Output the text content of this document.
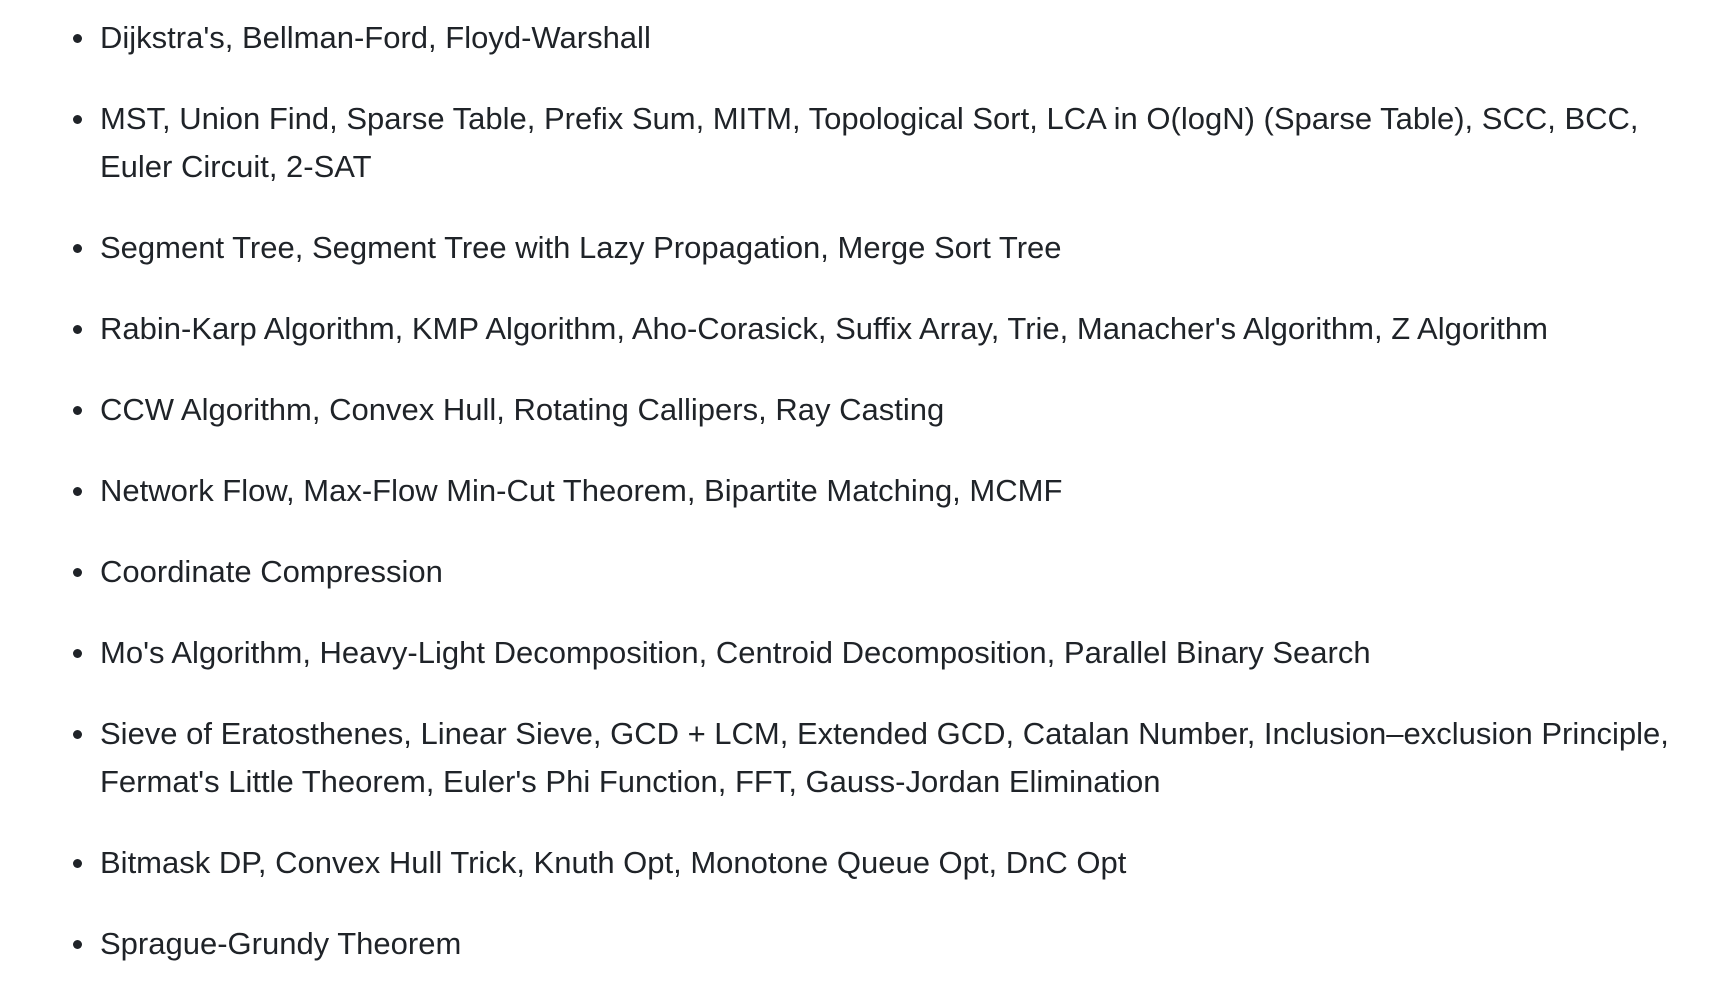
Dijkstra's, Bellman-Ford, Floyd-Warshall
MST, Union Find, Sparse Table, Prefix Sum, MITM, Topological Sort, LCA in O(logN) (Sparse Table), SCC, BCC, Euler Circuit, 2-SAT
Segment Tree, Segment Tree with Lazy Propagation, Merge Sort Tree
Rabin-Karp Algorithm, KMP Algorithm, Aho-Corasick, Suffix Array, Trie, Manacher's Algorithm, Z Algorithm
CCW Algorithm, Convex Hull, Rotating Callipers, Ray Casting
Network Flow, Max-Flow Min-Cut Theorem, Bipartite Matching, MCMF
Coordinate Compression
Mo's Algorithm, Heavy-Light Decomposition, Centroid Decomposition, Parallel Binary Search
Sieve of Eratosthenes, Linear Sieve, GCD + LCM, Extended GCD, Catalan Number, Inclusion–exclusion Principle, Fermat's Little Theorem, Euler's Phi Function, FFT, Gauss-Jordan Elimination
Bitmask DP, Convex Hull Trick, Knuth Opt, Monotone Queue Opt, DnC Opt
Sprague-Grundy Theorem
